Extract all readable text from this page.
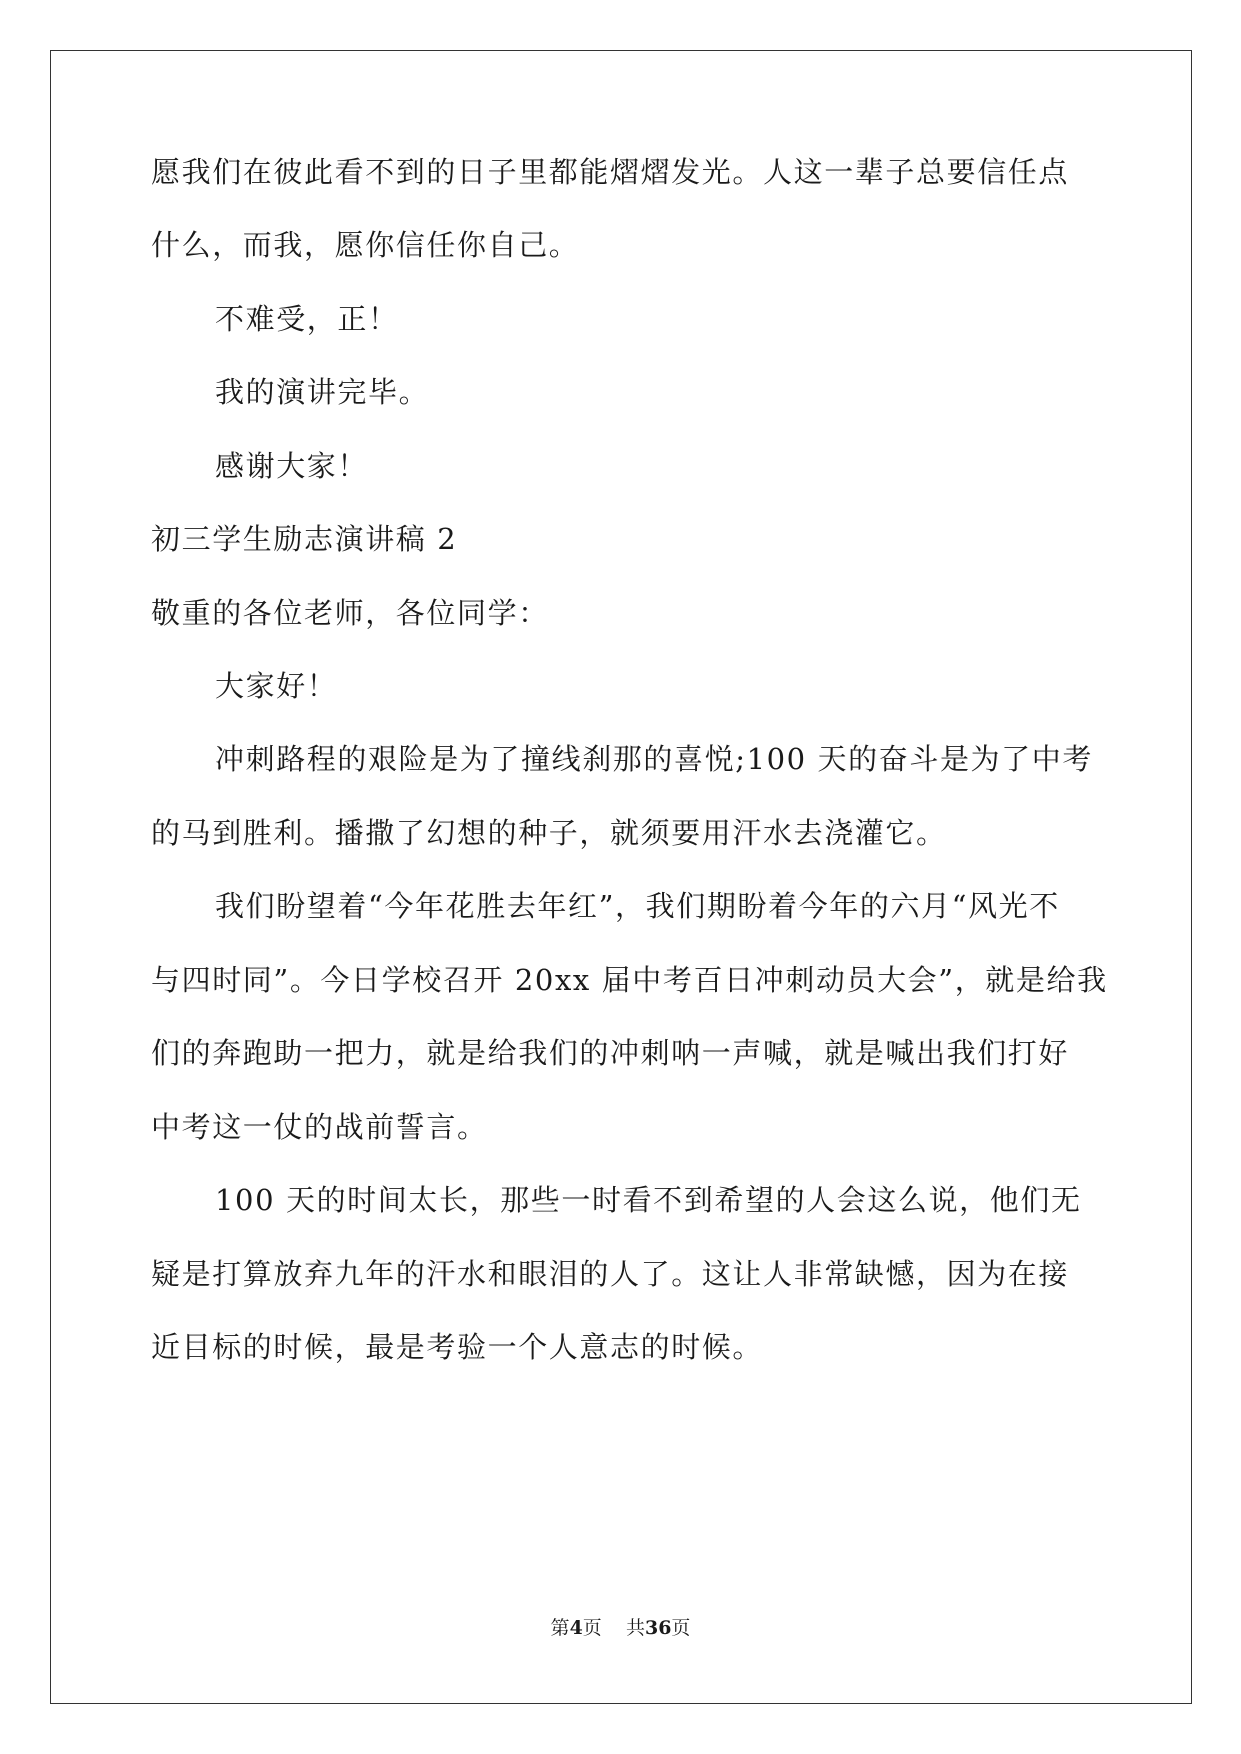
愿我们在彼此看不到的日子里都能熠熠发光。人这一辈子总要信任点
什么，而我，愿你信任你自己。
不难受，正！
我的演讲完毕。
感谢大家！
初三学生励志演讲稿 2
敬重的各位老师，各位同学：
大家好！
冲刺路程的艰险是为了撞线刹那的喜悦;100 天的奋斗是为了中考
的马到胜利。播撒了幻想的种子，就须要用汗水去浇灌它。
我们盼望着“今年花胜去年红”，我们期盼着今年的六月“风光不
与四时同”。今日学校召开 20xx 届中考百日冲刺动员大会”，就是给我
们的奔跑助一把力，就是给我们的冲刺呐一声喊，就是喊出我们打好
中考这一仗的战前誓言。
100 天的时间太长，那些一时看不到希望的人会这么说，他们无
疑是打算放弃九年的汗水和眼泪的人了。这让人非常缺憾，因为在接
近目标的时候，最是考验一个人意志的时候。
第4页    共36页
